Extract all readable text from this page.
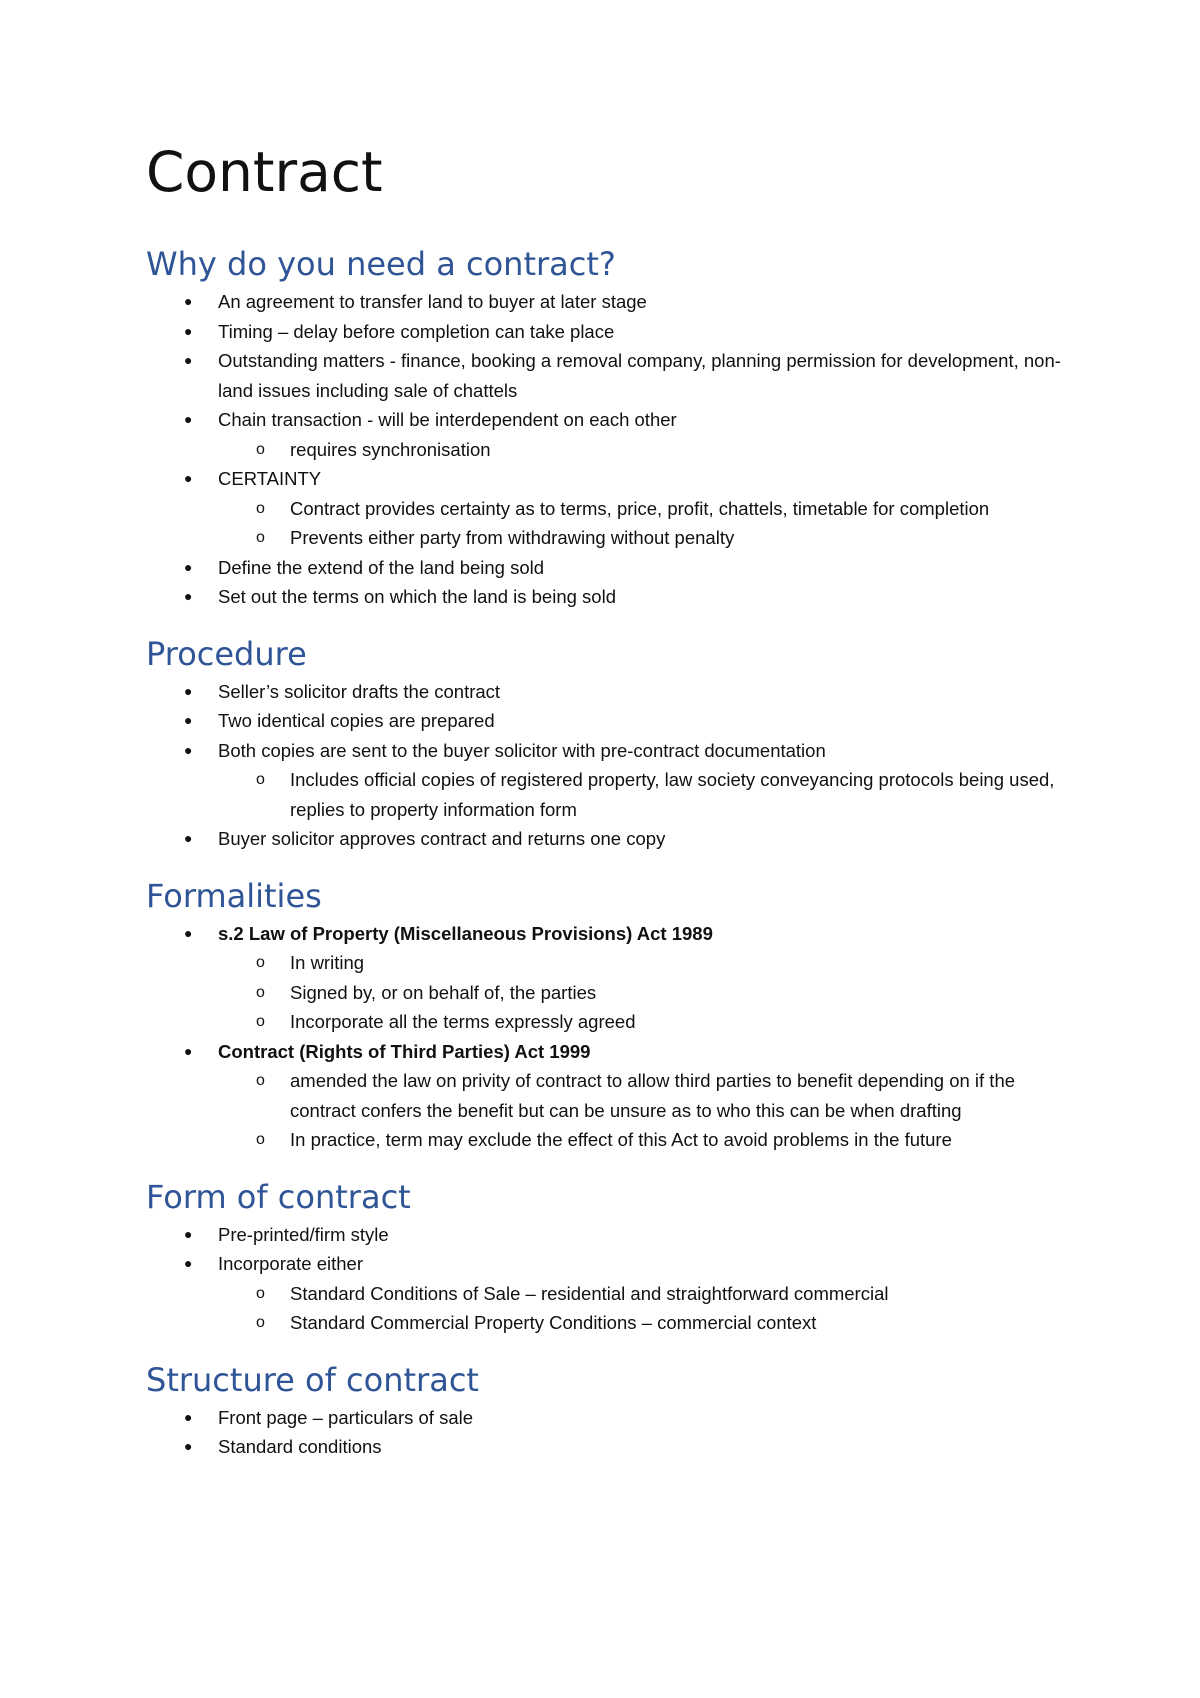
Contract
Why do you need a contract?
● An agreement to transfer land to buyer at later stage
● Timing – delay before completion can take place
● Outstanding matters - finance, booking a removal company, planning permission for development, non-land issues including sale of chattels
● Chain transaction - will be interdependent on each other
o requires synchronisation
● CERTAINTY
o Contract provides certainty as to terms, price, profit, chattels, timetable for completion
o Prevents either party from withdrawing without penalty
● Define the extend of the land being sold
● Set out the terms on which the land is being sold
Procedure
● Seller’s solicitor drafts the contract
● Two identical copies are prepared
● Both copies are sent to the buyer solicitor with pre-contract documentation
o Includes official copies of registered property, law society conveyancing protocols being used, replies to property information form
● Buyer solicitor approves contract and returns one copy
Formalities
● s.2 Law of Property (Miscellaneous Provisions) Act 1989
o In writing
o Signed by, or on behalf of, the parties
o Incorporate all the terms expressly agreed
● Contract (Rights of Third Parties) Act 1999
o amended the law on privity of contract to allow third parties to benefit depending on if the contract confers the benefit but can be unsure as to who this can be when drafting
o In practice, term may exclude the effect of this Act to avoid problems in the future
Form of contract
● Pre-printed/firm style
● Incorporate either
o Standard Conditions of Sale – residential and straightforward commercial
o Standard Commercial Property Conditions – commercial context
Structure of contract
● Front page – particulars of sale
● Standard conditions
